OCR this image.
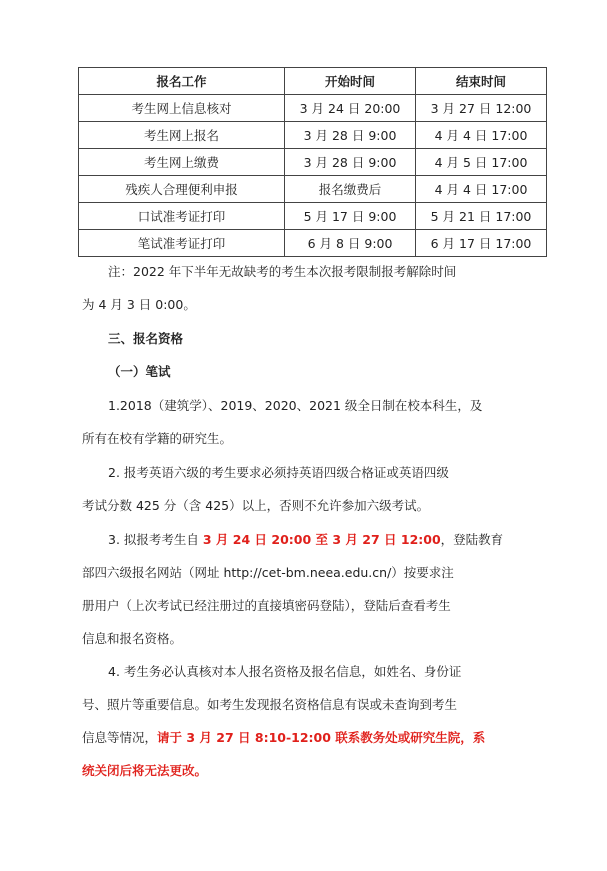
报名工作	开始时间	结束时间
考生网上信息核对	3 月 24 日 20:00	3 月 27 日 12:00
考生网上报名	3 月 28 日 9:00	4 月 4 日 17:00
考生网上缴费	3 月 28 日 9:00	4 月 5 日 17:00
残疾人合理便利申报	报名缴费后	4 月 4 日 17:00
口试准考证打印	5 月 17 日 9:00	5 月 21 日 17:00
笔试准考证打印	6 月 8 日 9:00	6 月 17 日 17:00
注：2022 年下半年无故缺考的考生本次报考限制报考解除时间
为 4 月 3 日 0:00。
三、报名资格
（一）笔试
1.2018（建筑学）、2019、2020、2021 级全日制在校本科生，及
所有在校有学籍的研究生。
2. 报考英语六级的考生要求必须持英语四级合格证或英语四级
考试分数 425 分（含 425）以上，否则不允许参加六级考试。
3. 拟报考考生自 3 月 24 日 20:00 至 3 月 27 日 12:00，登陆教育
部四六级报名网站（网址 http://cet-bm.neea.edu.cn/）按要求注
册用户（上次考试已经注册过的直接填密码登陆），登陆后查看考生
信息和报名资格。
4. 考生务必认真核对本人报名资格及报名信息，如姓名、身份证
号、照片等重要信息。如考生发现报名资格信息有误或未查询到考生
信息等情况，请于 3 月 27 日 8:10-12:00 联系教务处或研究生院，系
统关闭后将无法更改。
